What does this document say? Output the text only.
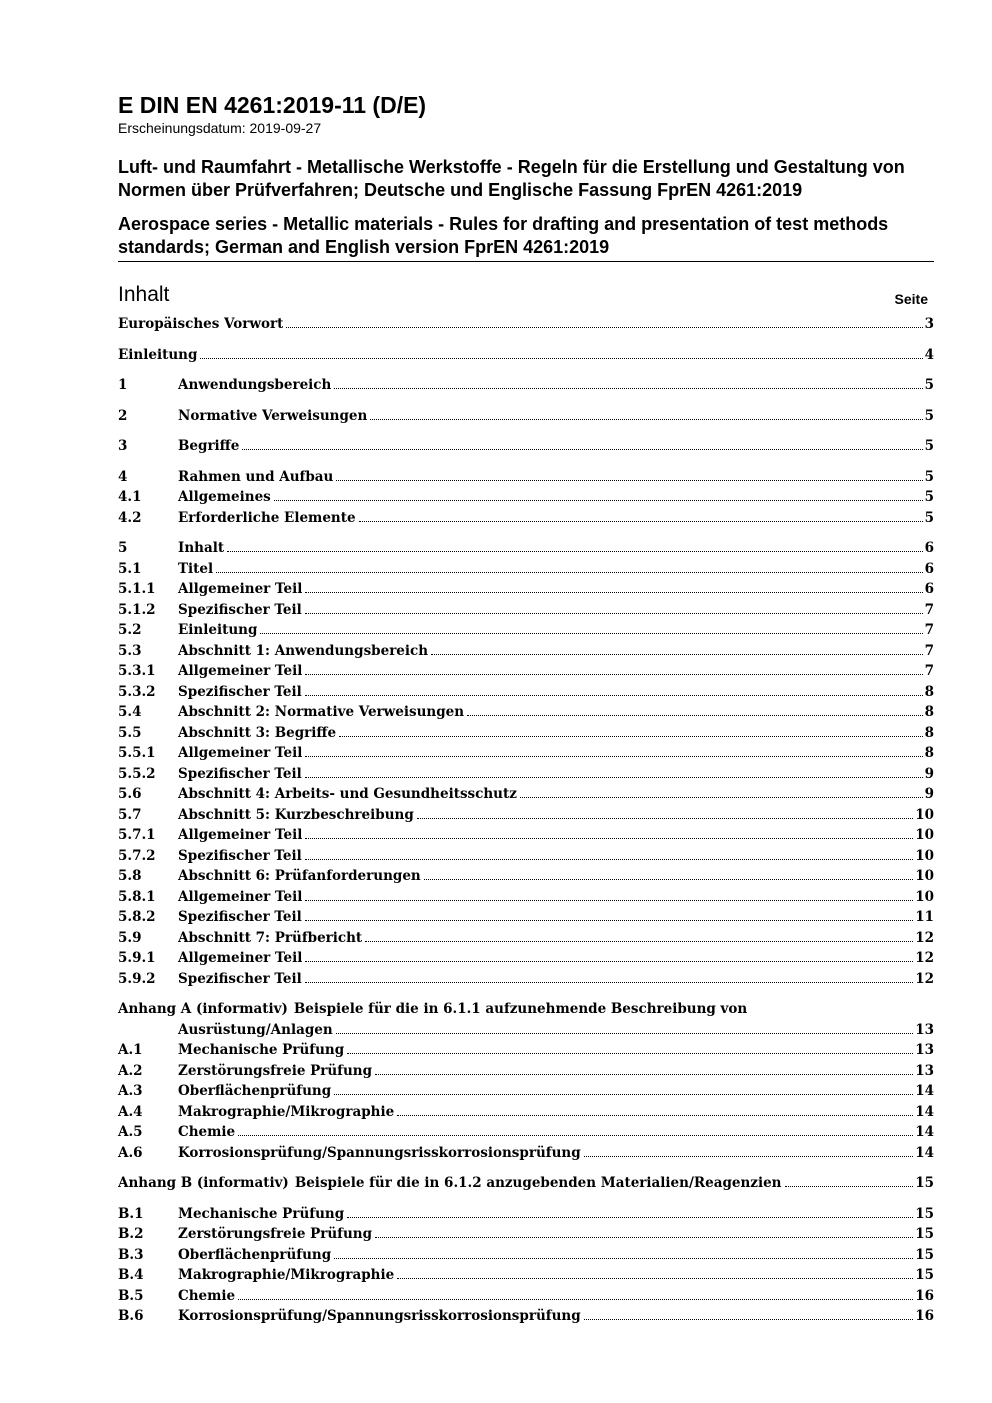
E DIN EN 4261:2019-11 (D/E)
Erscheinungsdatum: 2019-09-27
Luft- und Raumfahrt - Metallische Werkstoffe - Regeln für die Erstellung und Gestaltung von Normen über Prüfverfahren; Deutsche und Englische Fassung FprEN 4261:2019
Aerospace series - Metallic materials - Rules for drafting and presentation of test methods standards; German and English version FprEN 4261:2019
Inhalt	Seite
Europäisches Vorwort	3
Einleitung	4
1	Anwendungsbereich	5
2	Normative Verweisungen	5
3	Begriffe	5
4	Rahmen und Aufbau	5
4.1	Allgemeines	5
4.2	Erforderliche Elemente	5
5	Inhalt	6
5.1	Titel	6
5.1.1	Allgemeiner Teil	6
5.1.2	Spezifischer Teil	7
5.2	Einleitung	7
5.3	Abschnitt 1: Anwendungsbereich	7
5.3.1	Allgemeiner Teil	7
5.3.2	Spezifischer Teil	8
5.4	Abschnitt 2: Normative Verweisungen	8
5.5	Abschnitt 3: Begriffe	8
5.5.1	Allgemeiner Teil	8
5.5.2	Spezifischer Teil	9
5.6	Abschnitt 4: Arbeits- und Gesundheitsschutz	9
5.7	Abschnitt 5: Kurzbeschreibung	10
5.7.1	Allgemeiner Teil	10
5.7.2	Spezifischer Teil	10
5.8	Abschnitt 6: Prüfanforderungen	10
5.8.1	Allgemeiner Teil	10
5.8.2	Spezifischer Teil	11
5.9	Abschnitt 7: Prüfbericht	12
5.9.1	Allgemeiner Teil	12
5.9.2	Spezifischer Teil	12
Anhang A (informativ) Beispiele für die in 6.1.1 aufzunehmende Beschreibung von
Ausrüstung/Anlagen	13
A.1	Mechanische Prüfung	13
A.2	Zerstörungsfreie Prüfung	13
A.3	Oberflächenprüfung	14
A.4	Makrographie/Mikrographie	14
A.5	Chemie	14
A.6	Korrosionsprüfung/Spannungsrisskorrosionsprüfung	14
Anhang B (informativ) Beispiele für die in 6.1.2 anzugebenden Materialien/Reagenzien	15
B.1	Mechanische Prüfung	15
B.2	Zerstörungsfreie Prüfung	15
B.3	Oberflächenprüfung	15
B.4	Makrographie/Mikrographie	15
B.5	Chemie	16
B.6	Korrosionsprüfung/Spannungsrisskorrosionsprüfung	16
